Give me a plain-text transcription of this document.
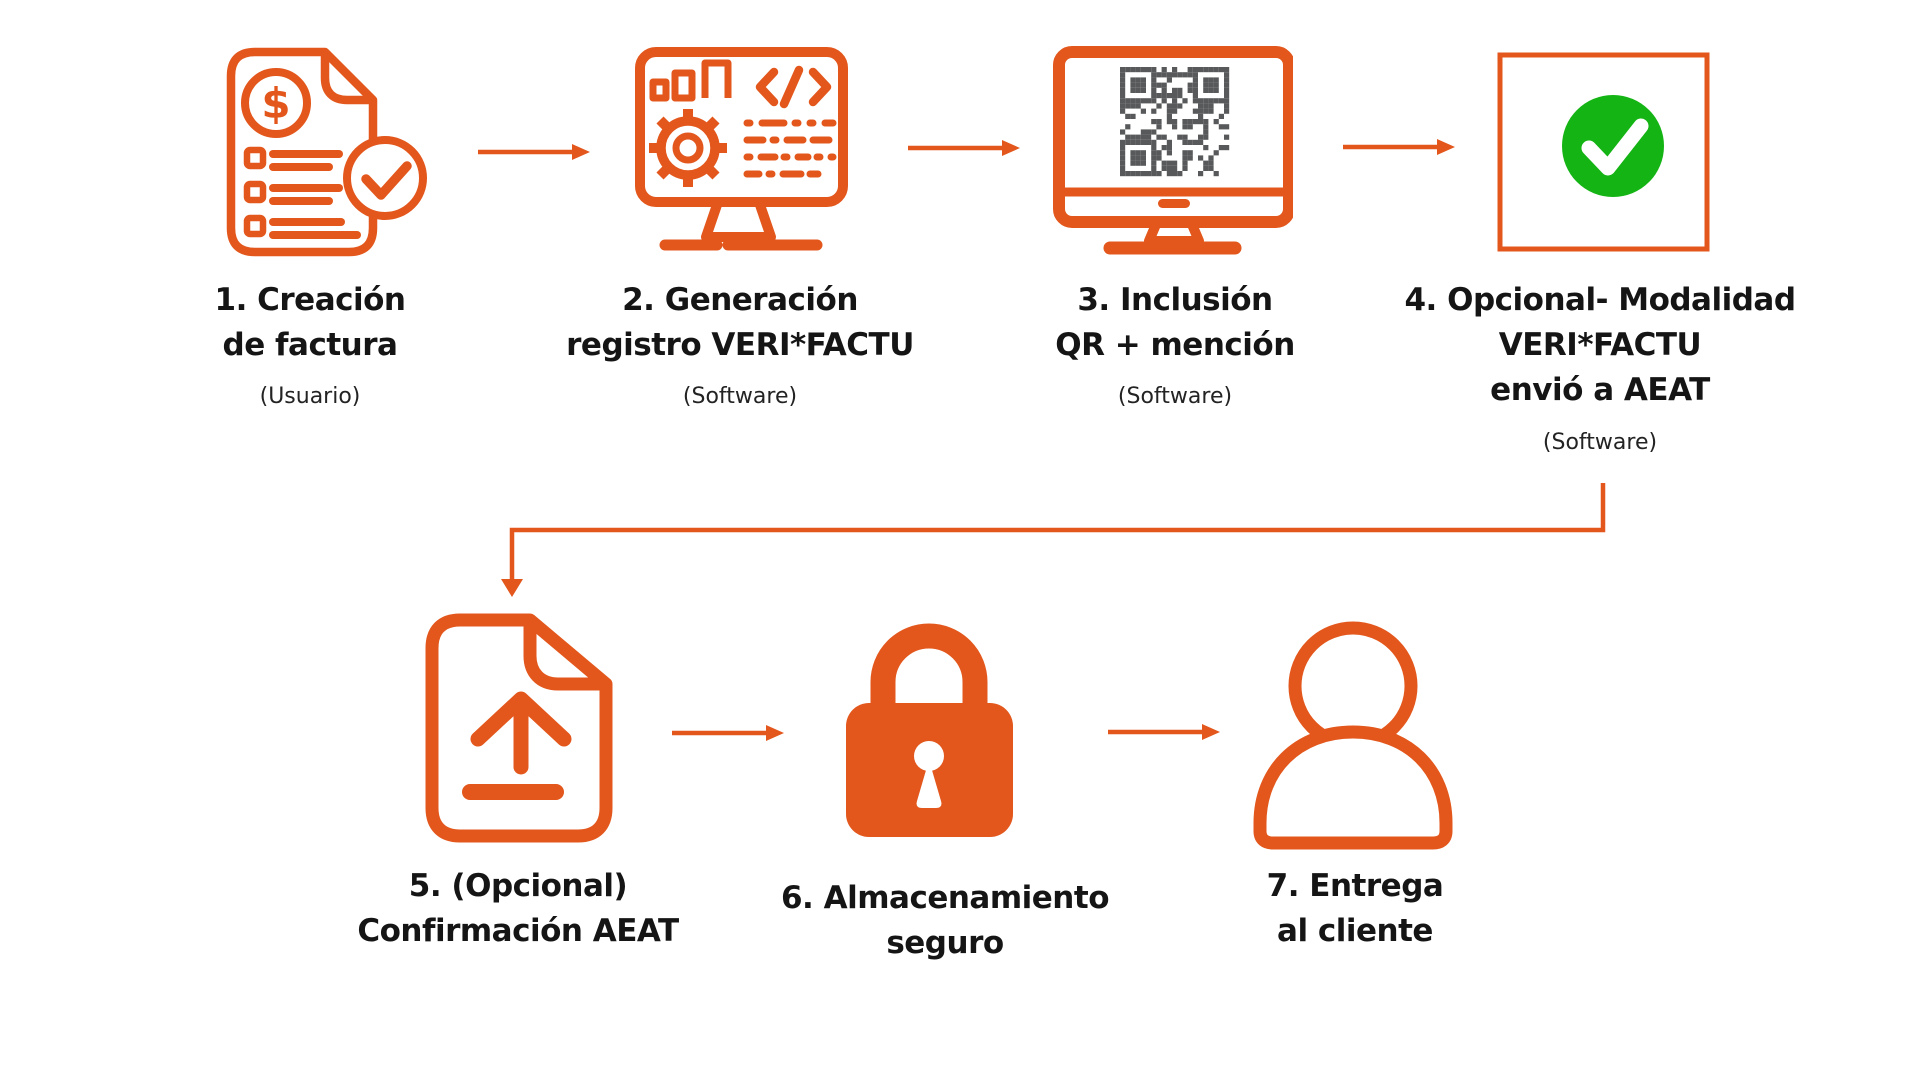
$
1. Creación
de factura
(Usuario)
2. Generación
registro VERI*FACTU
(Software)
3. Inclusión
QR + mención
(Software)
4. Opcional- Modalidad
VERI*FACTU
envió a AEAT
(Software)
5. (Opcional)
Confirmación AEAT
6. Almacenamiento
seguro
7. Entrega
al cliente
